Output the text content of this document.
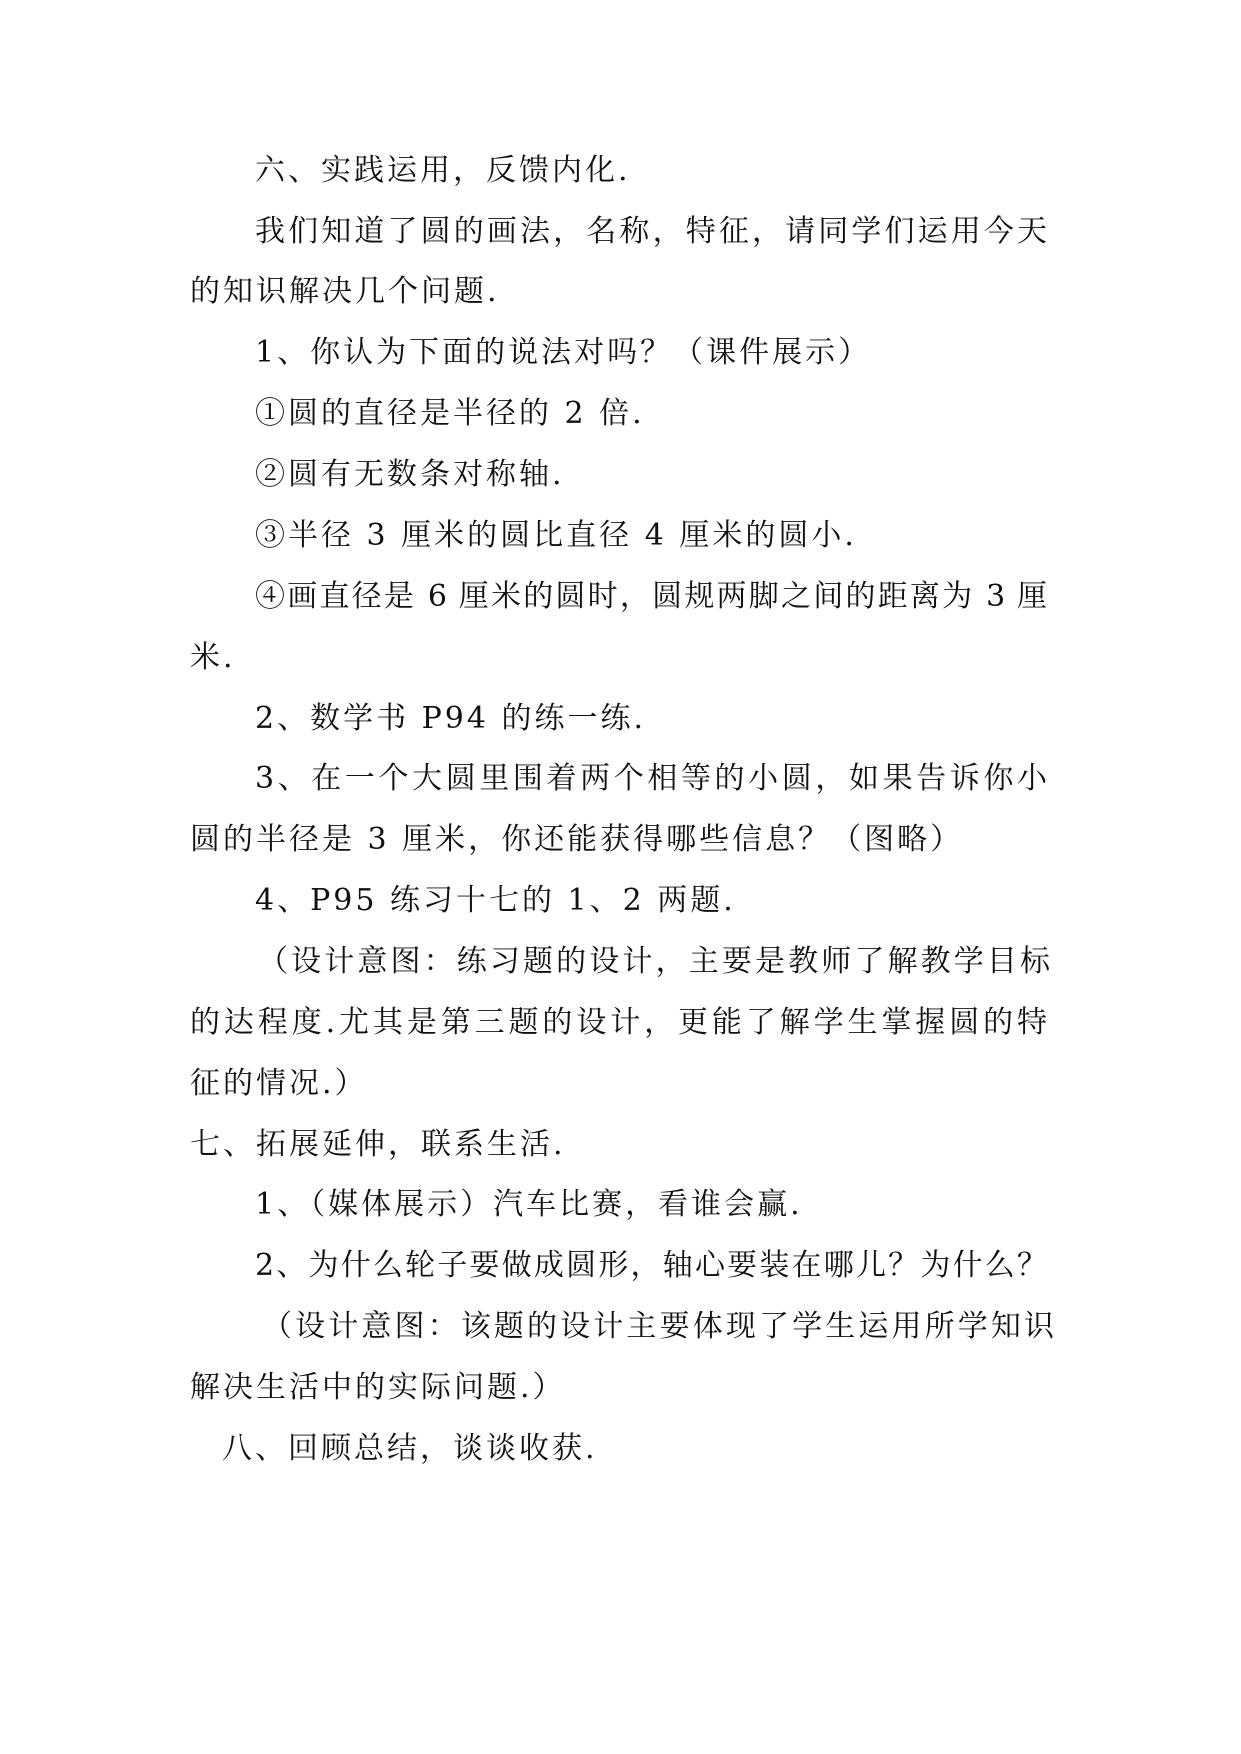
六、实践运用，反馈内化.
我们知道了圆的画法，名称，特征，请同学们运用今天
的知识解决几个问题.
1、你认为下面的说法对吗？（课件展示）
①圆的直径是半径的 2 倍.
②圆有无数条对称轴.
③半径 3 厘米的圆比直径 4 厘米的圆小.
④画直径是 6 厘米的圆时，圆规两脚之间的距离为 3 厘
米.
2、数学书 P94 的练一练.
3、在一个大圆里围着两个相等的小圆，如果告诉你小
圆的半径是 3 厘米，你还能获得哪些信息？（图略）
4、P95 练习十七的 1、2 两题.
（设计意图：练习题的设计，主要是教师了解教学目标
的达程度.尤其是第三题的设计，更能了解学生掌握圆的特
征的情况.）
七、拓展延伸，联系生活.
1、（媒体展示）汽车比赛，看谁会赢.
2、为什么轮子要做成圆形，轴心要装在哪儿？为什么？
（设计意图：该题的设计主要体现了学生运用所学知识
解决生活中的实际问题.）
八、回顾总结，谈谈收获.
